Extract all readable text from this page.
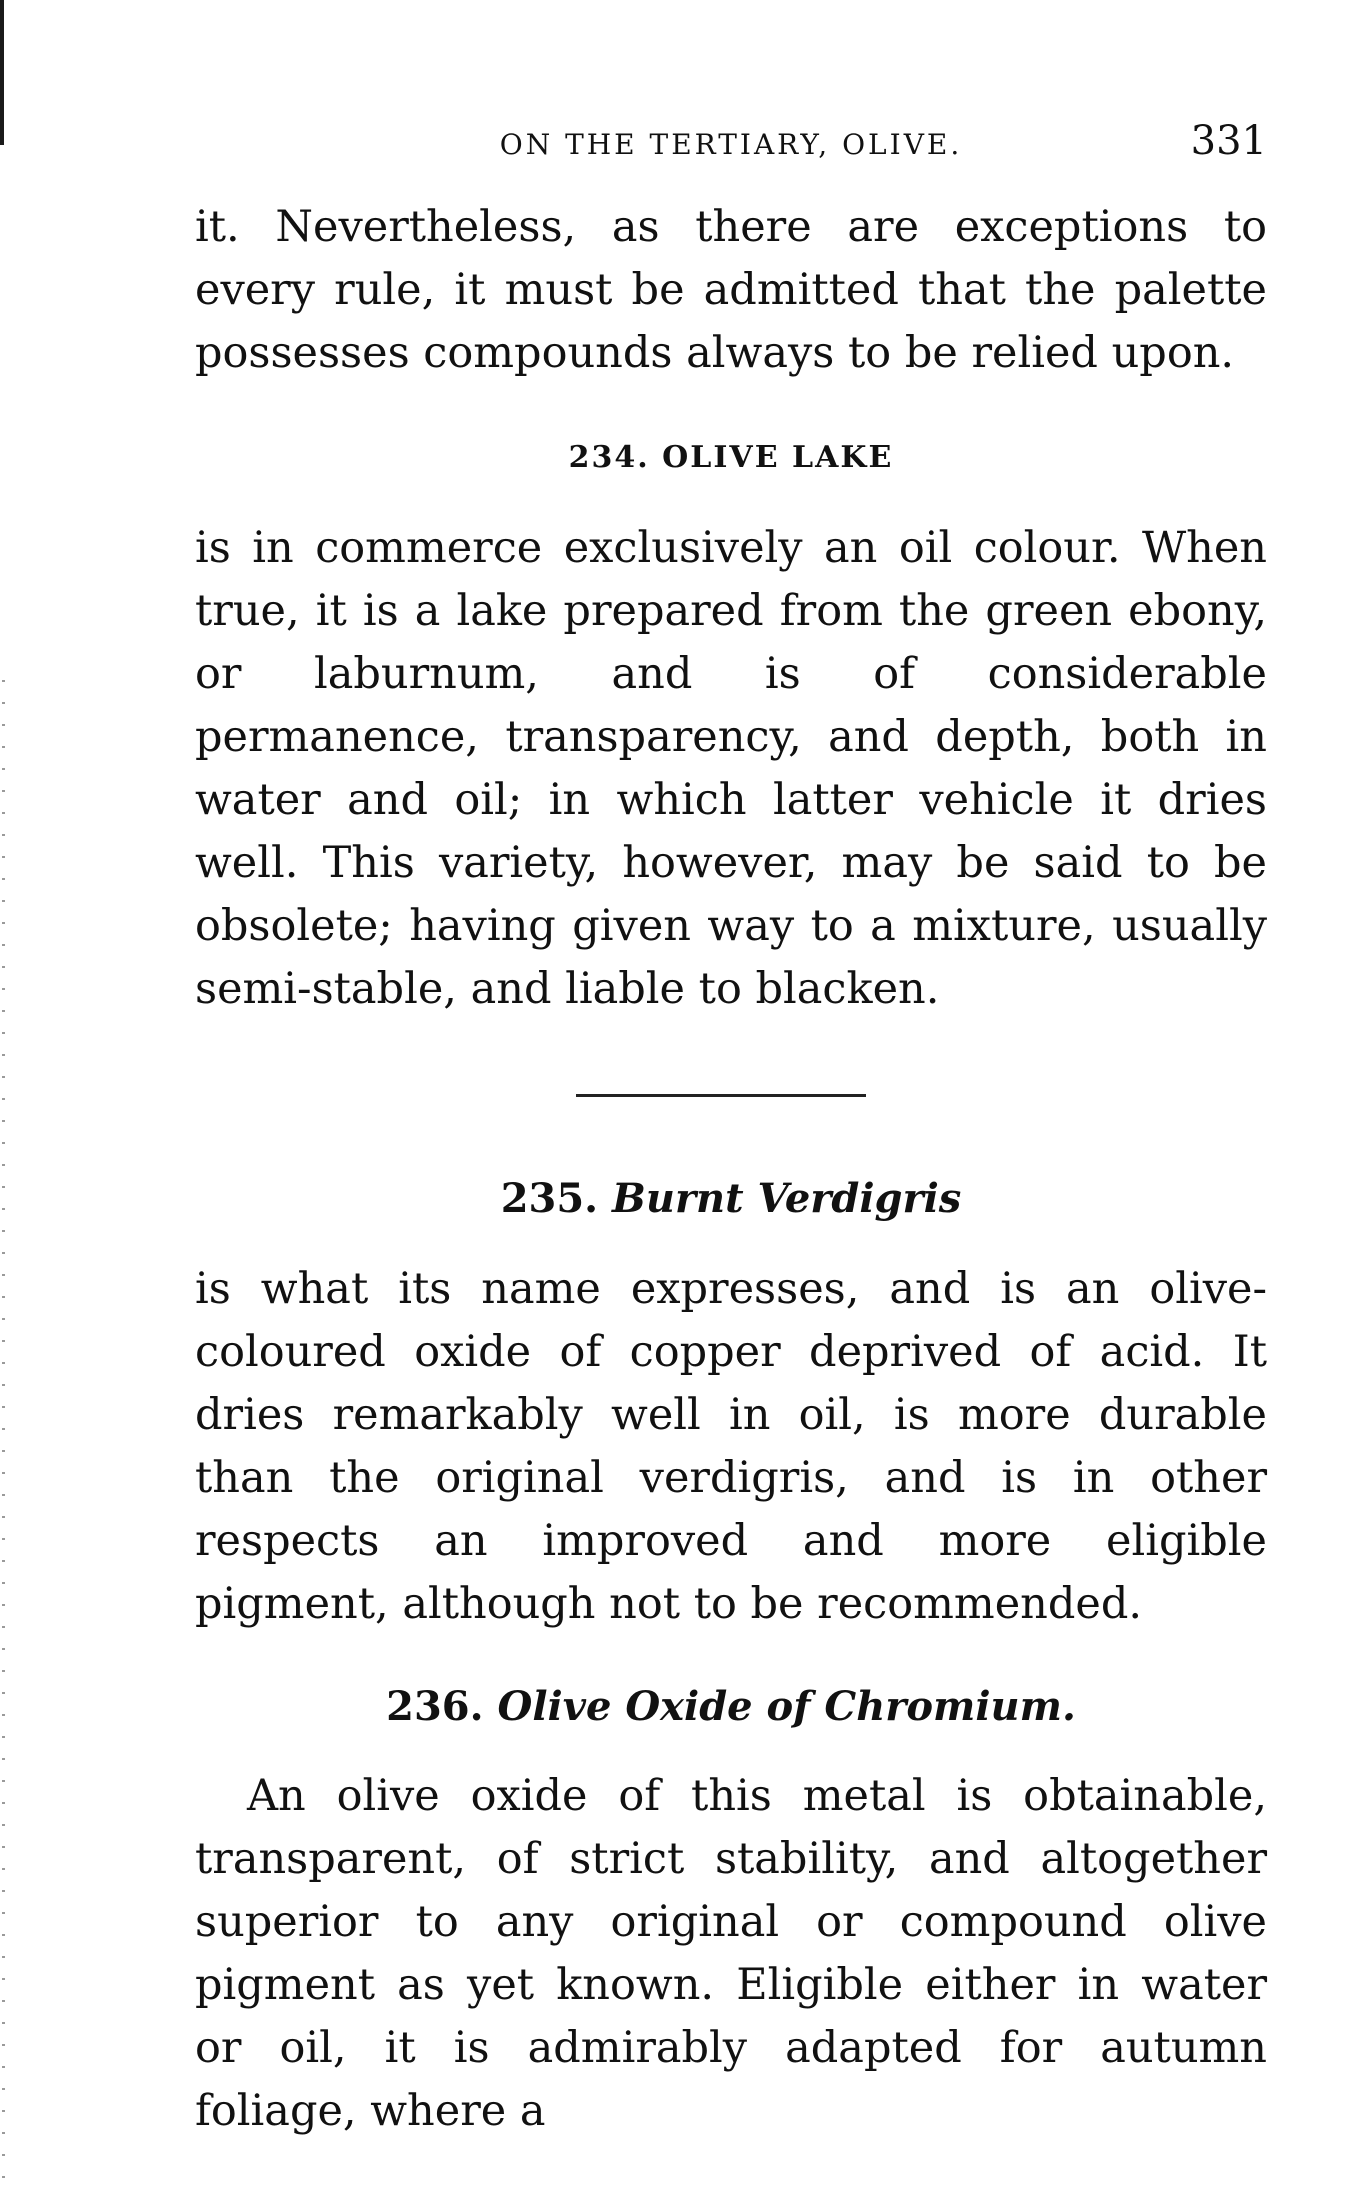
ON THE TERTIARY, OLIVE.	331

it. Nevertheless, as there are exceptions to every rule, it must be admitted that the palette possesses compounds always to be relied upon.

234. OLIVE LAKE

is in commerce exclusively an oil colour. When true, it is a lake prepared from the green ebony, or laburnum, and is of considerable permanence, transparency, and depth, both in water and oil; in which latter vehicle it dries well. This variety, however, may be said to be obsolete; having given way to a mixture, usually semi-stable, and liable to blacken.

235. Burnt Verdigris

is what its name expresses, and is an olive-coloured oxide of copper deprived of acid. It dries remarkably well in oil, is more durable than the original verdigris, and is in other respects an improved and more eligible pigment, although not to be recommended.

236. Olive Oxide of Chromium.

An olive oxide of this metal is obtainable, transparent, of strict stability, and altogether superior to any original or compound olive pigment as yet known. Eligible either in water or oil, it is admirably adapted for autumn foliage, where a
